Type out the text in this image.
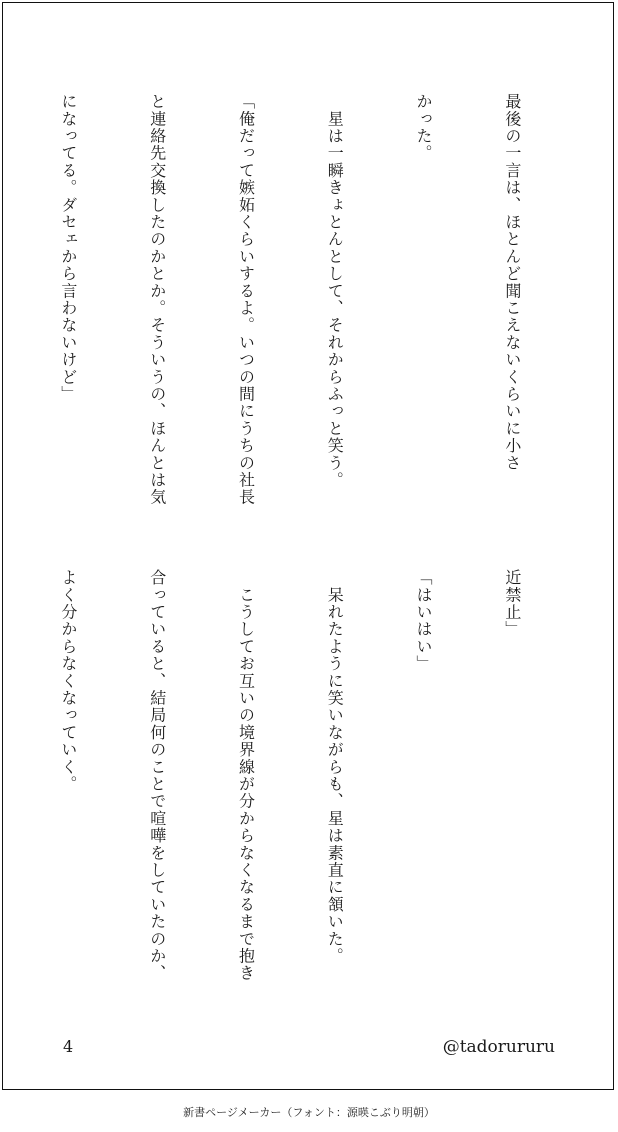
最後の一言は、ほとんど聞こえないくらいに小さ

かった。

　星は一瞬きょとんとして、それからふっと笑う。

「俺だって嫉妬くらいするよ。いつの間にうちの社長

と連絡先交換したのかとか。そういうの、ほんとは気

になってる。ダセェから言わないけど」

近禁止」

「はいはい」

　呆れたように笑いながらも、星は素直に頷いた。

　こうしてお互いの境界線が分からなくなるまで抱き

合っていると、結局何のことで喧嘩をしていたのか、

よく分からなくなっていく。

4	@tadorururu
新書ページメーカー（フォント：源暎こぶり明朝）
